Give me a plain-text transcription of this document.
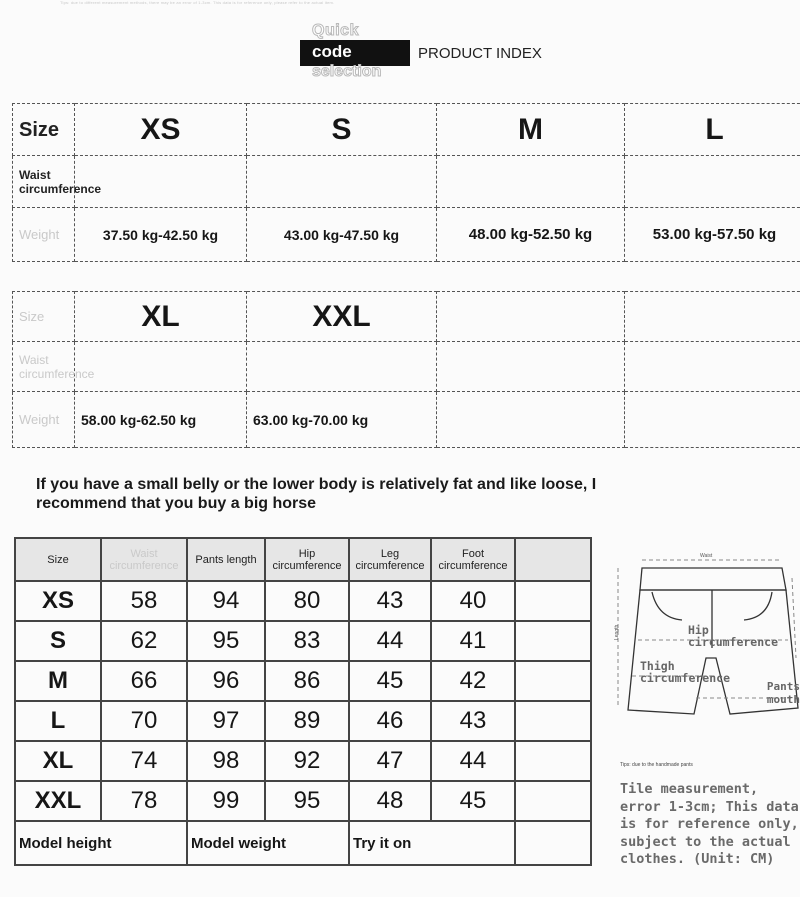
Tips: due to different measurement methods, there may be an error of 1-3cm. This data is for reference only, please refer to the actual item.
Quick
code
selection
PRODUCT INDEX
Size	XS	S	M	L

Waist circumference				

Weight	37.50 kg-42.50 kg	43.00 kg-47.50 kg	48.00 kg-52.50 kg	53.00 kg-57.50 kg
Size	XL	XXL		

Waist circumference				

Weight	58.00 kg-62.50 kg	63.00 kg-70.00 kg		
If you have a small belly or the lower body is relatively fat and like loose, I recommend that you buy a big horse
Size	Waist circumference	Pants length	Hip circumference	Leg circumference	Foot circumference	
XS	58	94	80	43	40	
S	62	95	83	44	41	
M	66	96	86	45	42	
L	70	97	89	46	43	
XL	74	98	92	47	44	
XXL	78	99	95	48	45	
Model height		Model weight		Try it on		
Waist
Length	Hip circumference
Thigh circumference
Pants mouth
Tips: due to the handmade pants
Tile measurement, error 1-3cm; This data is for reference only, subject to the actual clothes. (Unit: CM)
